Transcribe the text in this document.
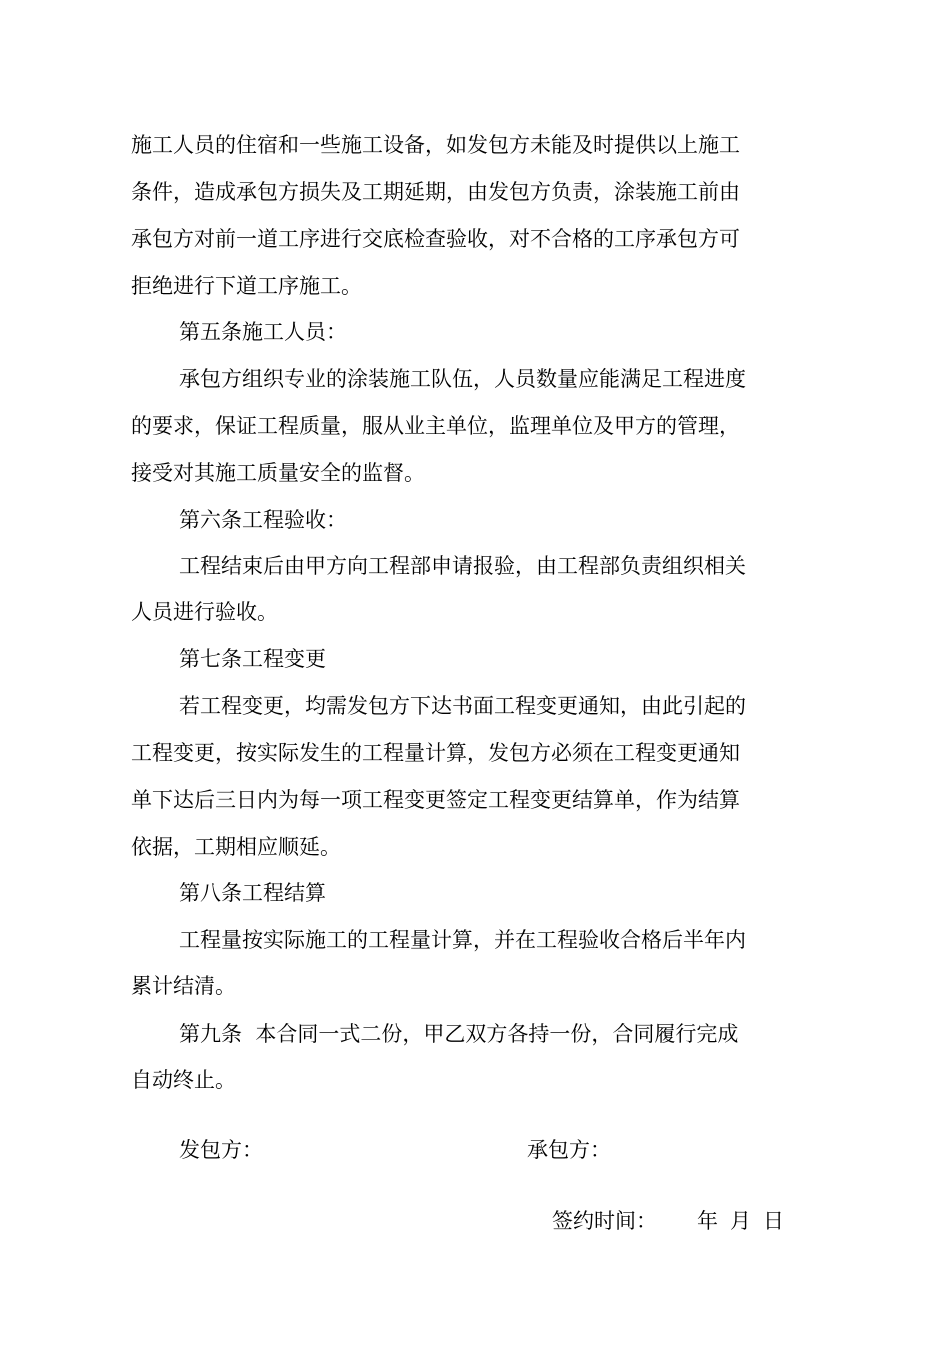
施工人员的住宿和一些施工设备，如发包方未能及时提供以上施工
条件，造成承包方损失及工期延期，由发包方负责，涂装施工前由
承包方对前一道工序进行交底检查验收，对不合格的工序承包方可
拒绝进行下道工序施工。
第五条施工人员：
承包方组织专业的涂装施工队伍，人员数量应能满足工程进度
的要求，保证工程质量，服从业主单位，监理单位及甲方的管理，
接受对其施工质量安全的监督。
第六条工程验收：
工程结束后由甲方向工程部申请报验，由工程部负责组织相关
人员进行验收。
第七条工程变更
若工程变更，均需发包方下达书面工程变更通知，由此引起的
工程变更，按实际发生的工程量计算，发包方必须在工程变更通知
单下达后三日内为每一项工程变更签定工程变更结算单，作为结算
依据，工期相应顺延。
第八条工程结算
工程量按实际施工的工程量计算，并在工程验收合格后半年内
累计结清。
第九条  本合同一式二份，甲乙双方各持一份，合同履行完成
自动终止。
发包方：	承包方：
签约时间： 年 月 日
